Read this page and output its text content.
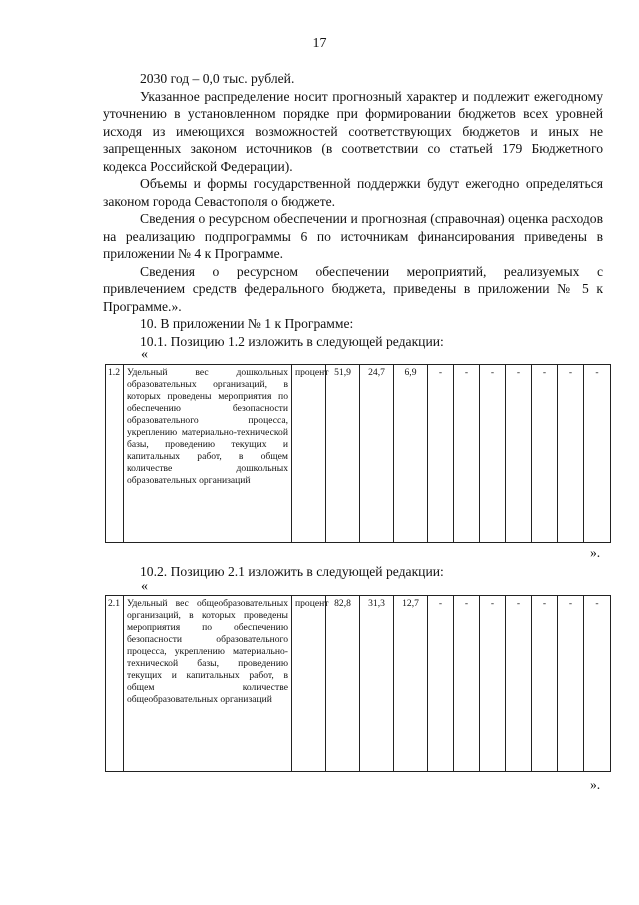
17

2030 год – 0,0 тыс. рублей.

Указанное распределение носит прогнозный характер и подлежит ежегодному уточнению в установленном порядке при формировании бюджетов всех уровней исходя из имеющихся возможностей соответствующих бюджетов и иных не запрещенных законом источников (в соответствии со статьей 179 Бюджетного кодекса Российской Федерации).

Объемы и формы государственной поддержки будут ежегодно определяться законом города Севастополя о бюджете.

Сведения о ресурсном обеспечении и прогнозная (справочная) оценка расходов на реализацию подпрограммы 6 по источникам финансирования приведены в приложении № 4 к Программе.

Сведения о ресурсном обеспечении мероприятий, реализуемых с привлечением средств федерального бюджета, приведены в приложении № 5 к Программе.».

10. В приложении № 1 к Программе:

10.1. Позицию 1.2 изложить в следующей редакции:

«
1.2	Удельный вес дошкольных образовательных организаций, в которых проведены мероприятия по обеспечению безопасности образовательного процесса, укреплению материально-технической базы, проведению текущих и капитальных работ, в общем количестве дошкольных образовательных организаций	процент	51,9	24,7	6,9	-	-	-	-	-	-	-
».

10.2. Позицию 2.1 изложить в следующей редакции:

«
2.1	Удельный вес общеобразовательных организаций, в которых проведены мероприятия по обеспечению безопасности образовательного процесса, укреплению материально-технической базы, проведению текущих и капитальных работ, в общем количестве общеобразовательных организаций	процент	82,8	31,3	12,7	-	-	-	-	-	-	-
».
